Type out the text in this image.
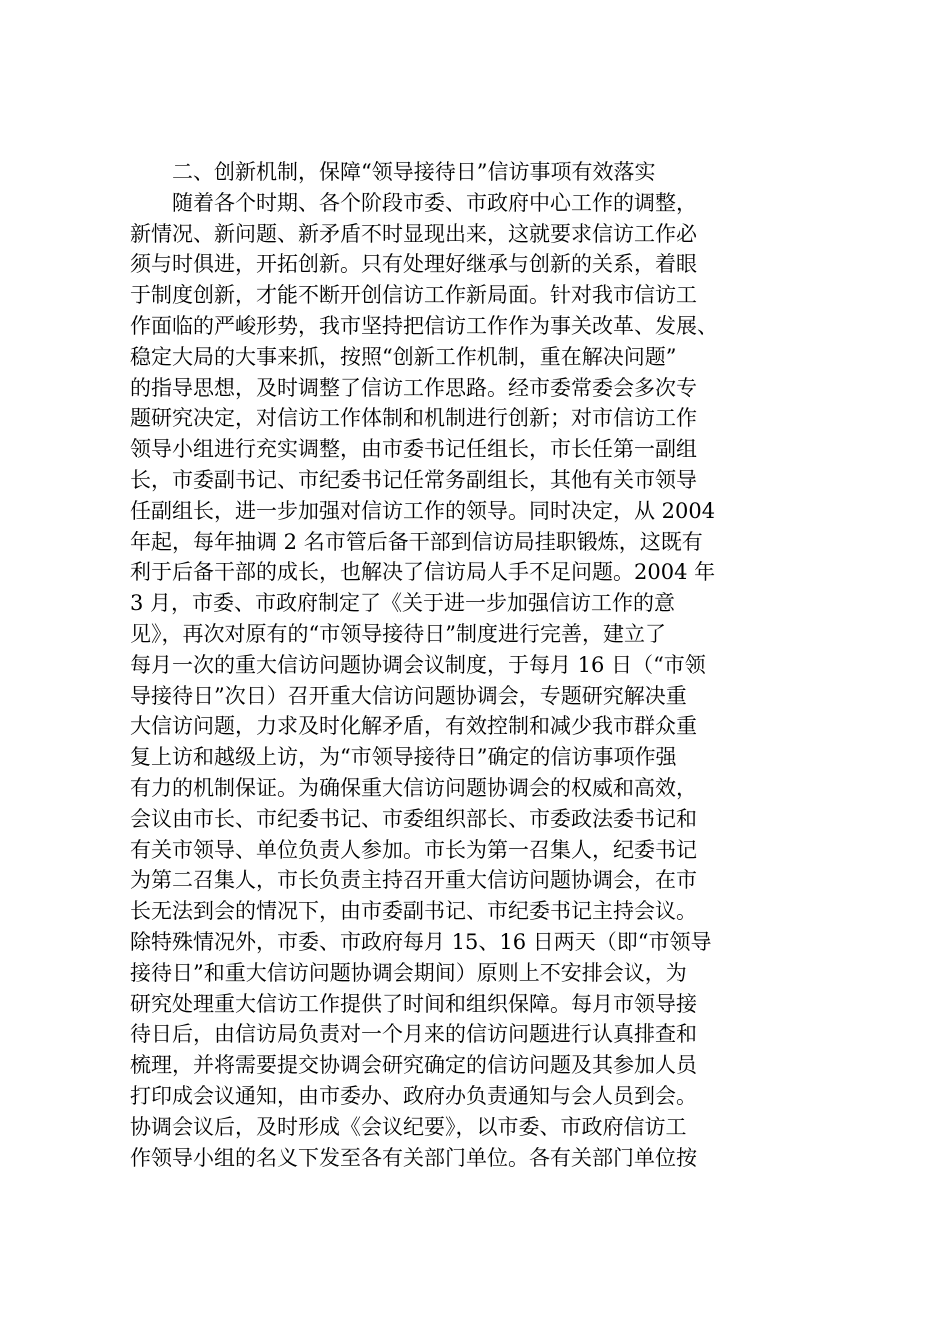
　　二、创新机制，保障“领导接待日”信访事项有效落实
　　随着各个时期、各个阶段市委、市政府中心工作的调整，
新情况、新问题、新矛盾不时显现出来，这就要求信访工作必
须与时俱进，开拓创新。只有处理好继承与创新的关系，着眼
于制度创新，才能不断开创信访工作新局面。针对我市信访工
作面临的严峻形势，我市坚持把信访工作作为事关改革、发展、
稳定大局的大事来抓，按照“创新工作机制，重在解决问题”
的指导思想，及时调整了信访工作思路。经市委常委会多次专
题研究决定，对信访工作体制和机制进行创新；对市信访工作
领导小组进行充实调整，由市委书记任组长，市长任第一副组
长，市委副书记、市纪委书记任常务副组长，其他有关市领导
任副组长，进一步加强对信访工作的领导。同时决定，从 2004
年起，每年抽调 2 名市管后备干部到信访局挂职锻炼，这既有
利于后备干部的成长，也解决了信访局人手不足问题。2004 年
3 月，市委、市政府制定了《关于进一步加强信访工作的意
见》，再次对原有的“市领导接待日”制度进行完善，建立了
每月一次的重大信访问题协调会议制度，于每月 16 日（“市领
导接待日”次日）召开重大信访问题协调会，专题研究解决重
大信访问题，力求及时化解矛盾，有效控制和减少我市群众重
复上访和越级上访，为“市领导接待日”确定的信访事项作强
有力的机制保证。为确保重大信访问题协调会的权威和高效，
会议由市长、市纪委书记、市委组织部长、市委政法委书记和
有关市领导、单位负责人参加。市长为第一召集人，纪委书记
为第二召集人，市长负责主持召开重大信访问题协调会，在市
长无法到会的情况下，由市委副书记、市纪委书记主持会议。
除特殊情况外，市委、市政府每月 15、16 日两天（即“市领导
接待日”和重大信访问题协调会期间）原则上不安排会议，为
研究处理重大信访工作提供了时间和组织保障。每月市领导接
待日后，由信访局负责对一个月来的信访问题进行认真排查和
梳理，并将需要提交协调会研究确定的信访问题及其参加人员
打印成会议通知，由市委办、政府办负责通知与会人员到会。
协调会议后，及时形成《会议纪要》，以市委、市政府信访工
作领导小组的名义下发至各有关部门单位。各有关部门单位按
